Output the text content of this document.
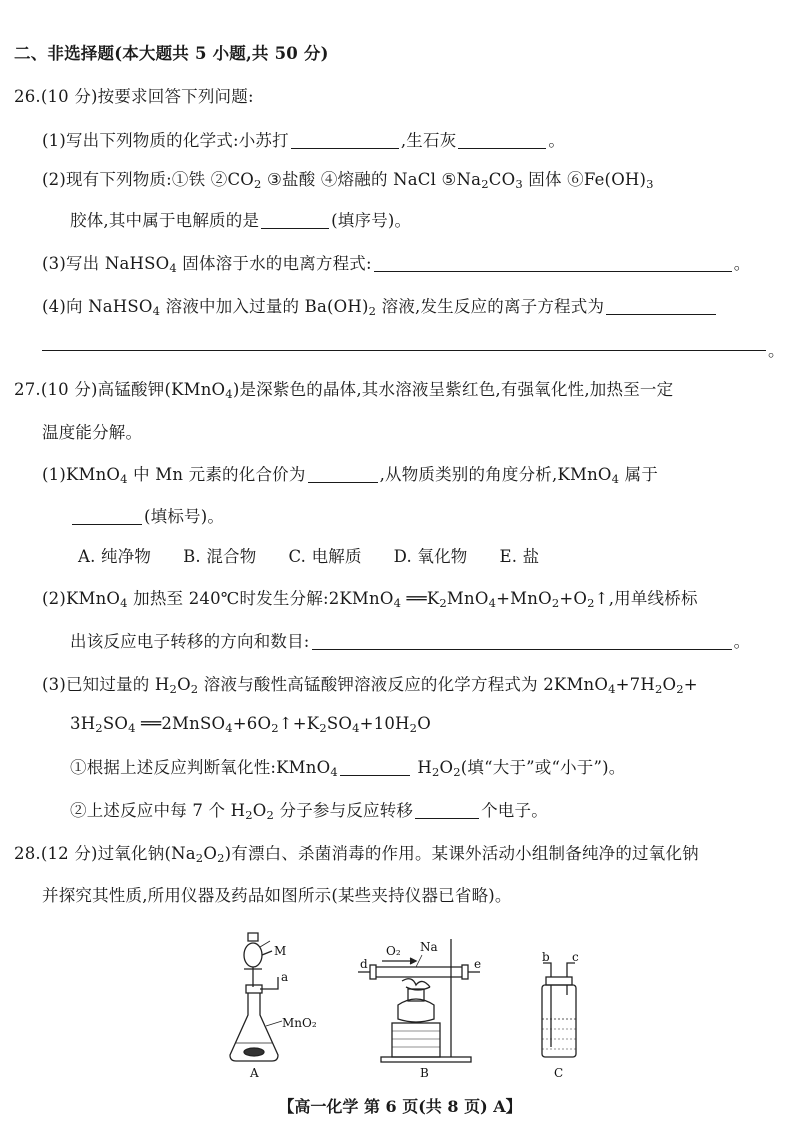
二、非选择题(本大题共 5 小题,共 50 分)
26.(10 分)按要求回答下列问题:
(1)写出下列物质的化学式:小苏打	,生石灰	。
(2)现有下列物质:①铁 $②CO_2$ ③盐酸 ④熔融的 NaCl $⑤Na_2CO_3$ 固体 $⑥Fe(OH)_3$
胶体,其中属于电解质的是	(填序号)。
(3)写出 NaHSO$_4$ 固体溶于水的电离方程式:	。
(4)向 NaHSO$_4$ 溶液中加入过量的 $Ba(OH)_2$ 溶液,发生反应的离子方程式为
。
27.(10 分)高锰酸钾(KMnO$_4$)是深紫色的晶体,其水溶液呈紫红色,有强氧化性,加热至一定
温度能分解。
(1)KMnO$_4$ 中 Mn 元素的化合价为	,从物质类别的角度分析,KMnO$_4$ 属于
(填标号)。
A. 纯净物 B. 混合物 C. 电解质 D. 氧化物 E. 盐
(2)KMnO$_4$ 加热至 240℃时发生分解:2KMnO$_4$ $══K_2MnO_4+MnO_2+O_2↑$,用单线桥标
出该反应电子转移的方向和数目:	。
(3)已知过量的 $H_2O_2$ 溶液与酸性高锰酸钾溶液反应的化学方程式为 $2KMnO_4+7H_2O_2+$
$3H_2SO_4$ $══2MnSO_4+6O_2↑+K_2SO_4+10H_2O$
①根据上述反应判断氧化性:KMnO$_4$	$H_2O_2$(填“大于”或“小于”)。
②上述反应中每 7 个 $H_2O_2$ 分子参与反应转移	个电子。
28.(12 分)过氧化钠$(Na_2O_2)$有漂白、杀菌消毒的作用。某课外活动小组制备纯净的过氧化钠
并探究其性质,所用仪器及药品如图所示(某些夹持仪器已省略)。
M
a
MnO₂
A
O₂ Na
d	e
B
b c
C
【高一化学 第 6 页(共 8 页) A】
